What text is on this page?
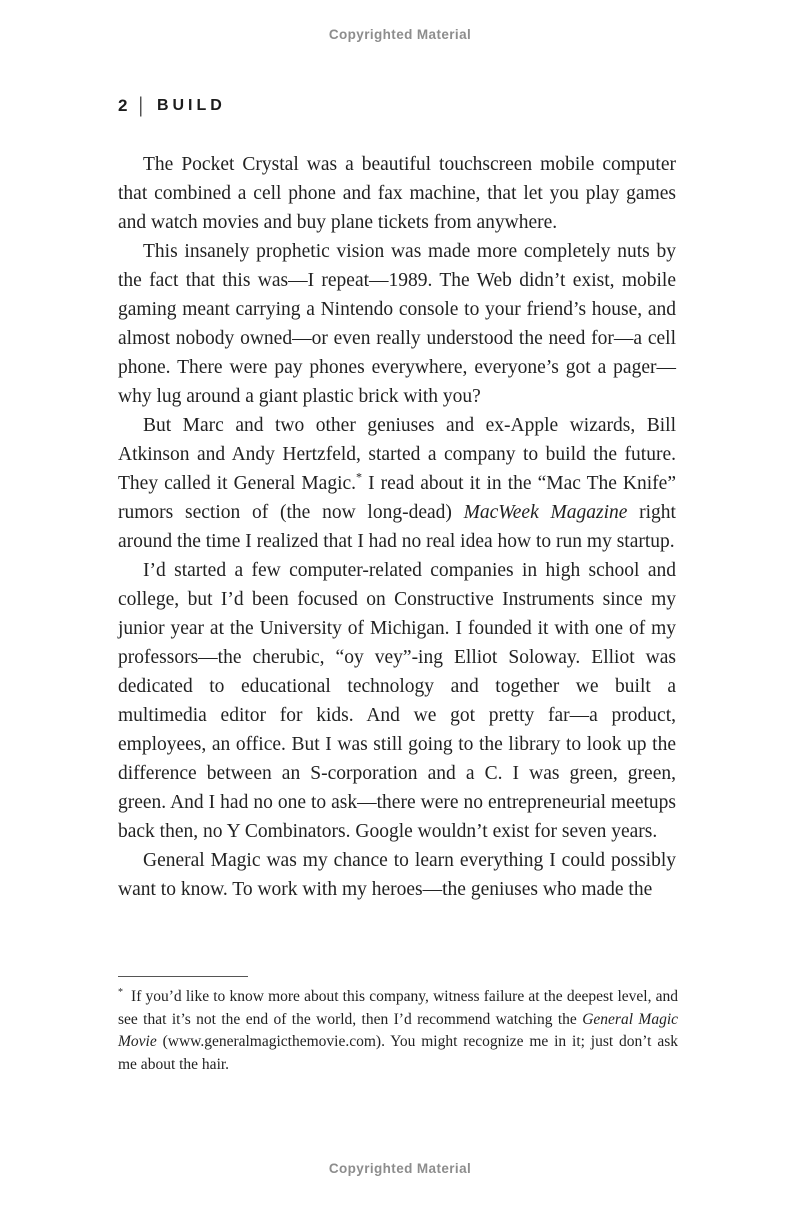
Copyrighted Material
2 | BUILD

The Pocket Crystal was a beautiful touchscreen mobile computer that combined a cell phone and fax machine, that let you play games and watch movies and buy plane tickets from anywhere.

This insanely prophetic vision was made more completely nuts by the fact that this was—I repeat—1989. The Web didn’t exist, mobile gaming meant carrying a Nintendo console to your friend’s house, and almost nobody owned—or even really understood the need for—a cell phone. There were pay phones everywhere, everyone’s got a pager—why lug around a giant plastic brick with you?

But Marc and two other geniuses and ex-Apple wizards, Bill Atkinson and Andy Hertzfeld, started a company to build the future. They called it General Magic.* I read about it in the “Mac The Knife” rumors section of (the now long-dead) MacWeek Magazine right around the time I realized that I had no real idea how to run my startup.

I’d started a few computer-related companies in high school and college, but I’d been focused on Constructive Instruments since my junior year at the University of Michigan. I founded it with one of my professors—the cherubic, “oy vey”-ing Elliot Soloway. Elliot was dedicated to educational technology and together we built a multimedia editor for kids. And we got pretty far—a product, employees, an office. But I was still going to the library to look up the difference between an S-corporation and a C. I was green, green, green. And I had no one to ask—there were no entrepreneurial meetups back then, no Y Combinators. Google wouldn’t exist for seven years.

General Magic was my chance to learn everything I could possibly want to know. To work with my heroes—the geniuses who made the

* If you’d like to know more about this company, witness failure at the deepest level, and see that it’s not the end of the world, then I’d recommend watching the General Magic Movie (www.generalmagicthemovie.com). You might recognize me in it; just don’t ask me about the hair.

Copyrighted Material
